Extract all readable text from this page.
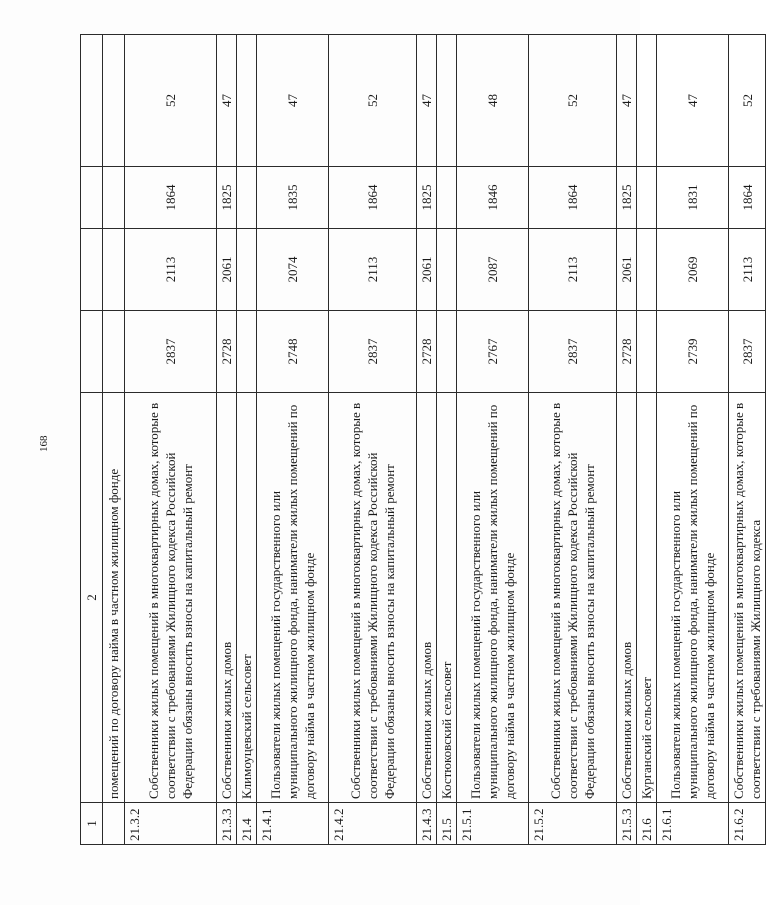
168
1	2				
	помещений по договору найма в частном жилищном фонде				
21.3.2	Собственники жилых помещений в многоквартирных домах, которые в соответствии с требованиями Жилищного кодекса Российской Федерации обязаны вносить взносы на капитальный ремонт	2837	2113	1864	52
21.3.3	Собственники жилых домов	2728	2061	1825	47
21.4	Климоуцевский сельсовет				
21.4.1	Пользователи жилых помещений государственного или муниципального жилищного фонда, наниматели жилых помещений по договору найма в частном жилищном фонде	2748	2074	1835	47
21.4.2	Собственники жилых помещений в многоквартирных домах, которые в соответствии с требованиями Жилищного кодекса Российской Федерации обязаны вносить взносы на капитальный ремонт	2837	2113	1864	52
21.4.3	Собственники жилых домов	2728	2061	1825	47
21.5	Костюковский сельсовет				
21.5.1	Пользователи жилых помещений государственного или муниципального жилищного фонда, наниматели жилых помещений по договору найма в частном жилищном фонде	2767	2087	1846	48
21.5.2	Собственники жилых помещений в многоквартирных домах, которые в соответствии с требованиями Жилищного кодекса Российской Федерации обязаны вносить взносы на капитальный ремонт	2837	2113	1864	52
21.5.3	Собственники жилых домов	2728	2061	1825	47
21.6	Курганский сельсовет				
21.6.1	Пользователи жилых помещений государственного или муниципального жилищного фонда, наниматели жилых помещений по договору найма в частном жилищном фонде	2739	2069	1831	47
21.6.2	Собственники жилых помещений в многоквартирных домах, которые в соответствии с требованиями Жилищного кодекса	2837	2113	1864	52
